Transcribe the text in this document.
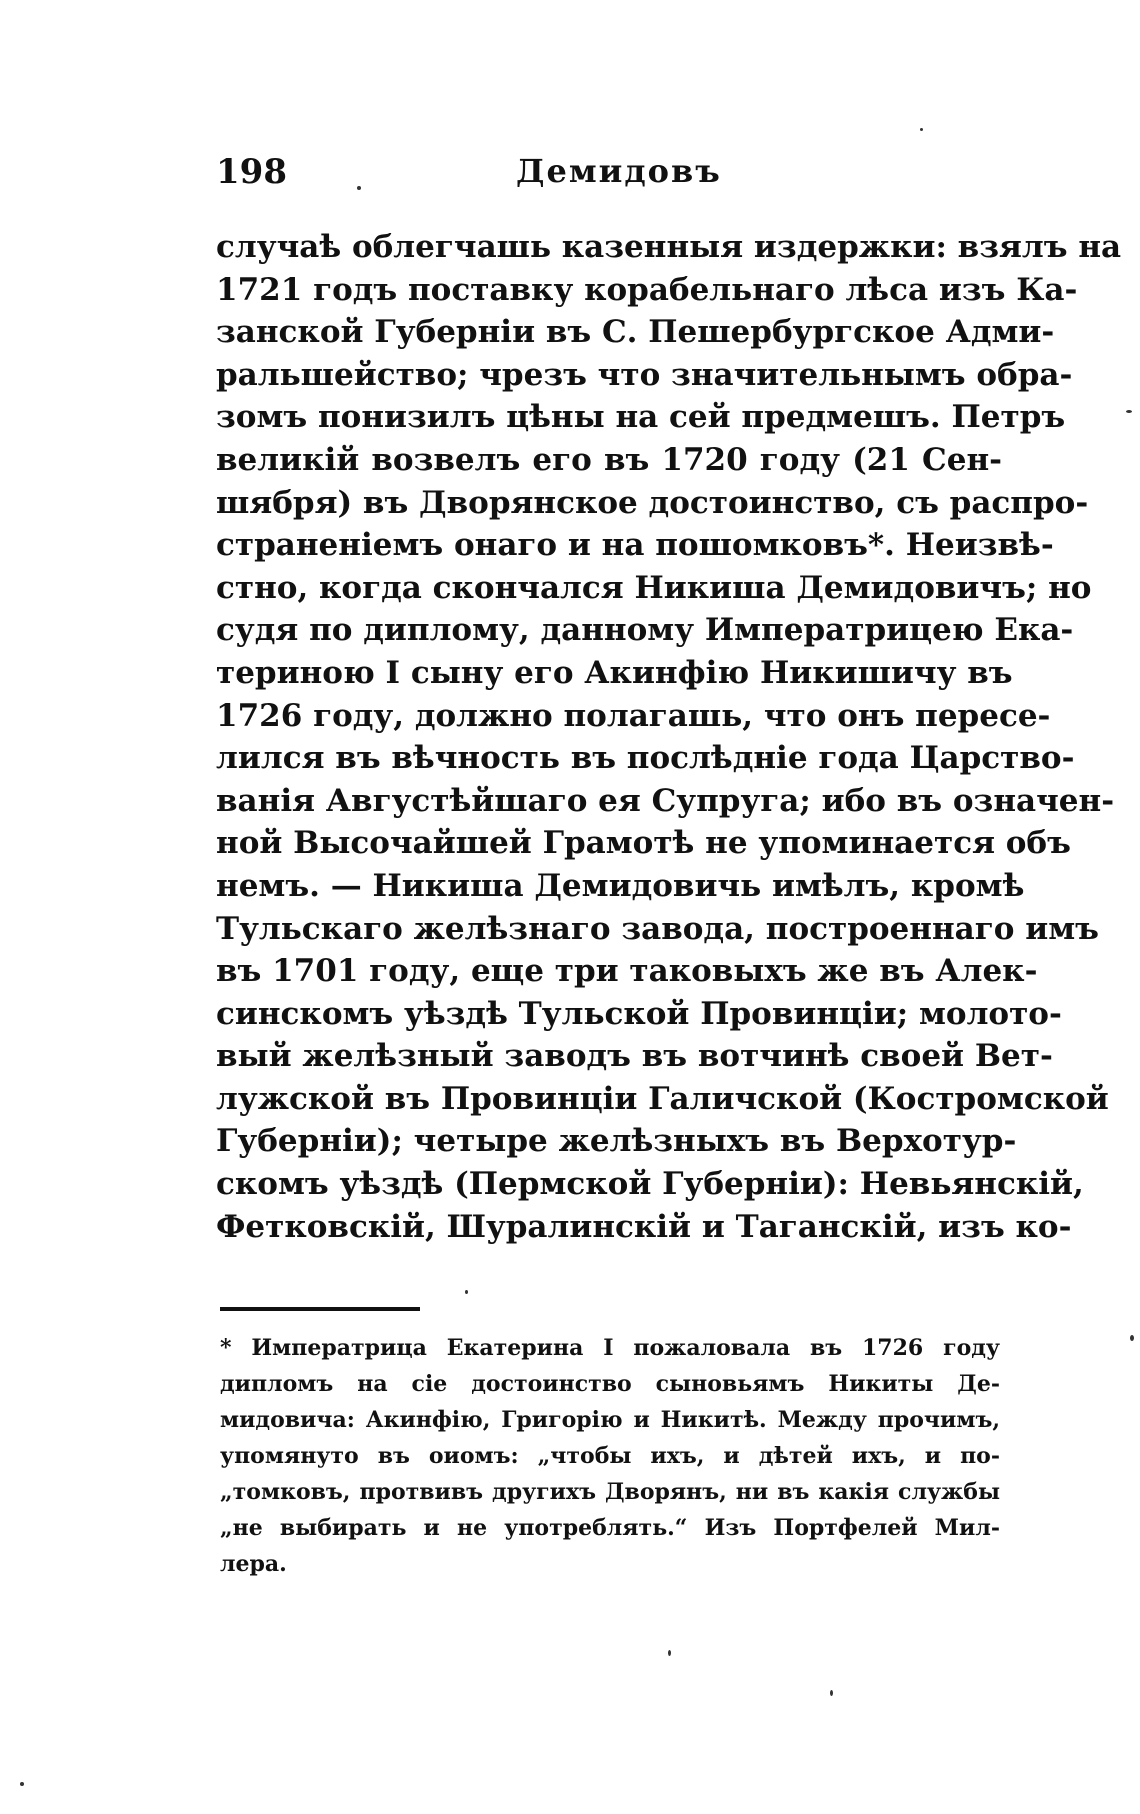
198	Демидовъ
случаѣ облегчашь казенныя издержки: взялъ на
1721 годъ поставку корабельнаго лѣса изъ Ка-
занской Губерніи въ С. Пешербургское Адми-
ральшейство; чрезъ что значительнымъ обра-
зомъ понизилъ цѣны на сей предмешъ. Петръ
великій возвелъ его въ 1720 году (21 Сен-
шября) въ Дворянское достоинство, съ распро-
страненіемъ онаго и на пошомковъ*. Неизвѣ-
стно, когда скончался Никиша Демидовичъ; но
судя по диплому, данному Императрицею Ека-
териною I сыну его Акинфію Никишичу въ
1726 году, должно полагашь, что онъ пересе-
лился въ вѣчность въ послѣдніе года Царство-
ванія Августѣйшаго ея Супруга; ибо въ означен-
ной Высочайшей Грамотѣ не упоминается объ
немъ. — Никиша Демидовичь имѣлъ, кромѣ
Тульскаго желѣзнаго завода, построеннаго имъ
въ 1701 году, еще три таковыхъ же въ Алек-
синскомъ уѣздѣ Тульской Провинціи; молото-
вый желѣзный заводъ въ вотчинѣ своей Вет-
лужской въ Провинціи Галичской (Костромской
Губерніи); четыре желѣзныхъ въ Верхотур-
скомъ уѣздѣ (Пермской Губерніи): Невьянскій,
Фетковскій, Шуралинскій и Таганскій, изъ ко-
* Императрица Екатерина I пожаловала въ 1726 году
дипломъ на сіе достоинство сыновьямъ Никиты Де-
мидовича: Акинфію, Григорію и Никитѣ. Между прочимъ,
упомянуто въ оиомъ: „чтобы ихъ, и дѣтей ихъ, и по-
„томковъ, протвивъ другихъ Дворянъ, ни въ какія службы
„не выбирать и не употреблять.“ Изъ Портфелей Мил-
лера.
